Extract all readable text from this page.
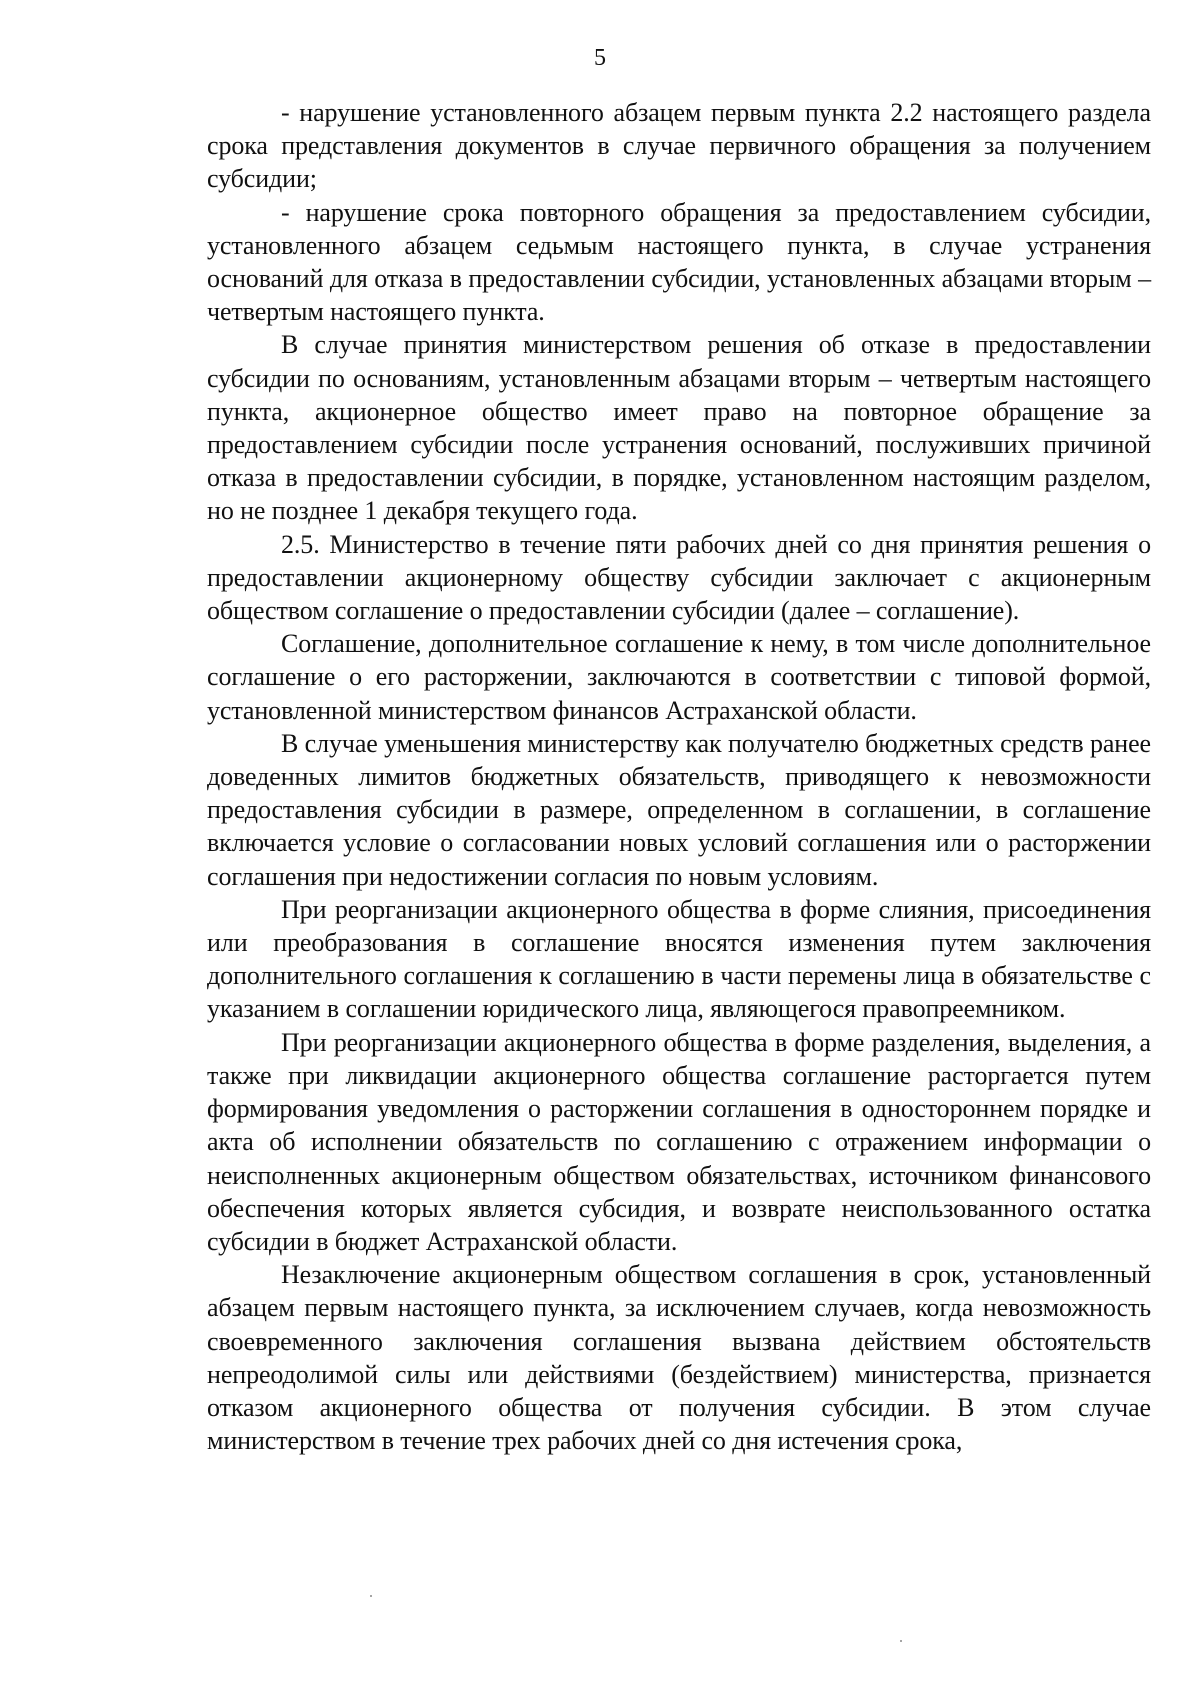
5

- нарушение установленного абзацем первым пункта 2.2 настоящего раздела срока представления документов в случае первичного обращения за получением субсидии;

- нарушение срока повторного обращения за предоставлением субсидии, установленного абзацем седьмым настоящего пункта, в случае устранения оснований для отказа в предоставлении субсидии, установленных абзацами вторым – четвертым настоящего пункта.

В случае принятия министерством решения об отказе в предоставлении субсидии по основаниям, установленным абзацами вторым – четвертым настоящего пункта, акционерное общество имеет право на повторное обращение за предоставлением субсидии после устранения оснований, послуживших причиной отказа в предоставлении субсидии, в порядке, установленном настоящим разделом, но не позднее 1 декабря текущего года.

2.5. Министерство в течение пяти рабочих дней со дня принятия решения о предоставлении акционерному обществу субсидии заключает с акционерным обществом соглашение о предоставлении субсидии (далее – соглашение).

Соглашение, дополнительное соглашение к нему, в том числе дополнительное соглашение о его расторжении, заключаются в соответствии с типовой формой, установленной министерством финансов Астраханской области.

В случае уменьшения министерству как получателю бюджетных средств ранее доведенных лимитов бюджетных обязательств, приводящего к невозможности предоставления субсидии в размере, определенном в соглашении, в соглашение включается условие о согласовании новых условий соглашения или о расторжении соглашения при недостижении согласия по новым условиям.

При реорганизации акционерного общества в форме слияния, присоединения или преобразования в соглашение вносятся изменения путем заключения дополнительного соглашения к соглашению в части перемены лица в обязательстве с указанием в соглашении юридического лица, являющегося правопреемником.

При реорганизации акционерного общества в форме разделения, выделения, а также при ликвидации акционерного общества соглашение расторгается путем формирования уведомления о расторжении соглашения в одностороннем порядке и акта об исполнении обязательств по соглашению с отражением информации о неисполненных акционерным обществом обязательствах, источником финансового обеспечения которых является субсидия, и возврате неиспользованного остатка субсидии в бюджет Астраханской области.

Незаключение акционерным обществом соглашения в срок, установленный абзацем первым настоящего пункта, за исключением случаев, когда невозможность своевременного заключения соглашения вызвана действием обстоятельств непреодолимой силы или действиями (бездействием) министерства, признается отказом акционерного общества от получения субсидии. В этом случае министерством в течение трех рабочих дней со дня истечения срока,
